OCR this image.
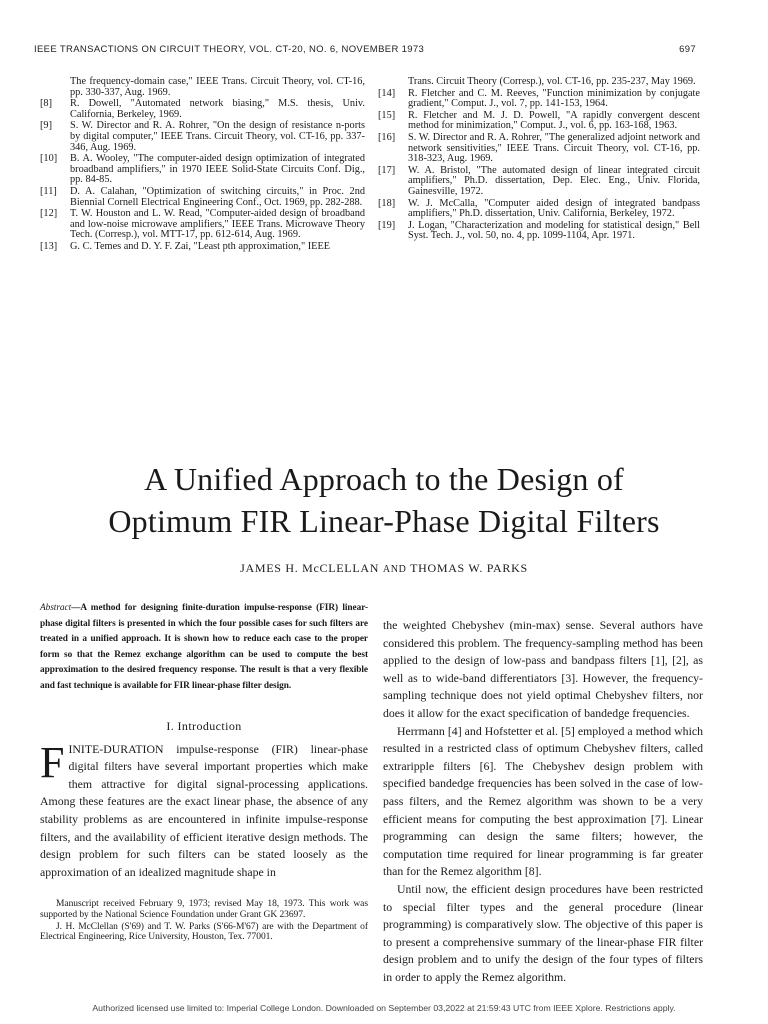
IEEE TRANSACTIONS ON CIRCUIT THEORY, VOL. CT-20, NO. 6, NOVEMBER 1973	697
The frequency-domain case," IEEE Trans. Circuit Theory, vol. CT-16, pp. 330-337, Aug. 1969.
[8]	R. Dowell, "Automated network biasing," M.S. thesis, Univ. California, Berkeley, 1969.
[9]	S. W. Director and R. A. Rohrer, "On the design of resistance n-ports by digital computer," IEEE Trans. Circuit Theory, vol. CT-16, pp. 337-346, Aug. 1969.
[10]	B. A. Wooley, "The computer-aided design optimization of integrated broadband amplifiers," in 1970 IEEE Solid-State Circuits Conf. Dig., pp. 84-85.
[11]	D. A. Calahan, "Optimization of switching circuits," in Proc. 2nd Biennial Cornell Electrical Engineering Conf., Oct. 1969, pp. 282-288.
[12]	T. W. Houston and L. W. Read, "Computer-aided design of broadband and low-noise microwave amplifiers," IEEE Trans. Microwave Theory Tech. (Corresp.), vol. MTT-17, pp. 612-614, Aug. 1969.
[13]	G. C. Temes and D. Y. F. Zai, "Least pth approximation," IEEE
Trans. Circuit Theory (Corresp.), vol. CT-16, pp. 235-237, May 1969.
[14]	R. Fletcher and C. M. Reeves, "Function minimization by conjugate gradient," Comput. J., vol. 7, pp. 141-153, 1964.
[15]	R. Fletcher and M. J. D. Powell, "A rapidly convergent descent method for minimization," Comput. J., vol. 6, pp. 163-168, 1963.
[16]	S. W. Director and R. A. Rohrer, "The generalized adjoint network and network sensitivities," IEEE Trans. Circuit Theory, vol. CT-16, pp. 318-323, Aug. 1969.
[17]	W. A. Bristol, "The automated design of linear integrated circuit amplifiers," Ph.D. dissertation, Dep. Elec. Eng., Univ. Florida, Gainesville, 1972.
[18]	W. J. McCalla, "Computer aided design of integrated bandpass amplifiers," Ph.D. dissertation, Univ. California, Berkeley, 1972.
[19]	J. Logan, "Characterization and modeling for statistical design," Bell Syst. Tech. J., vol. 50, no. 4, pp. 1099-1104, Apr. 1971.
A Unified Approach to the Design of
Optimum FIR Linear-Phase Digital Filters
JAMES H. McCLELLAN AND THOMAS W. PARKS
Abstract—A method for designing finite-duration impulse-response (FIR) linear-phase digital filters is presented in which the four possible cases for such filters are treated in a unified approach. It is shown how to reduce each case to the proper form so that the Remez exchange algorithm can be used to compute the best approximation to the desired frequency response. The result is that a very flexible and fast technique is available for FIR linear-phase filter design.
I. Introduction
FINITE-DURATION impulse-response (FIR) linear-phase digital filters have several important properties which make them attractive for digital signal-processing applications. Among these features are the exact linear phase, the absence of any stability problems as are encountered in infinite impulse-response filters, and the availability of efficient iterative design methods. The design problem for such filters can be stated loosely as the approximation of an idealized magnitude shape in

Manuscript received February 9, 1973; revised May 18, 1973. This work was supported by the National Science Foundation under Grant GK 23697.

J. H. McClellan (S'69) and T. W. Parks (S'66-M'67) are with the Department of Electrical Engineering, Rice University, Houston, Tex. 77001.

the weighted Chebyshev (min-max) sense. Several authors have considered this problem. The frequency-sampling method has been applied to the design of low-pass and bandpass filters [1], [2], as well as to wide-band differentiators [3]. However, the frequency-sampling technique does not yield optimal Chebyshev filters, nor does it allow for the exact specification of bandedge frequencies.

Herrmann [4] and Hofstetter et al. [5] employed a method which resulted in a restricted class of optimum Chebyshev filters, called extraripple filters [6]. The Chebyshev design problem with specified bandedge frequencies has been solved in the case of low-pass filters, and the Remez algorithm was shown to be a very efficient means for computing the best approximation [7]. Linear programming can design the same filters; however, the computation time required for linear programming is far greater than for the Remez algorithm [8].

Until now, the efficient design procedures have been restricted to special filter types and the general procedure (linear programming) is comparatively slow. The objective of this paper is to present a comprehensive summary of the linear-phase FIR filter design problem and to unify the design of the four types of filters in order to apply the Remez algorithm.

Authorized licensed use limited to: Imperial College London. Downloaded on September 03,2022 at 21:59:43 UTC from IEEE Xplore. Restrictions apply.
